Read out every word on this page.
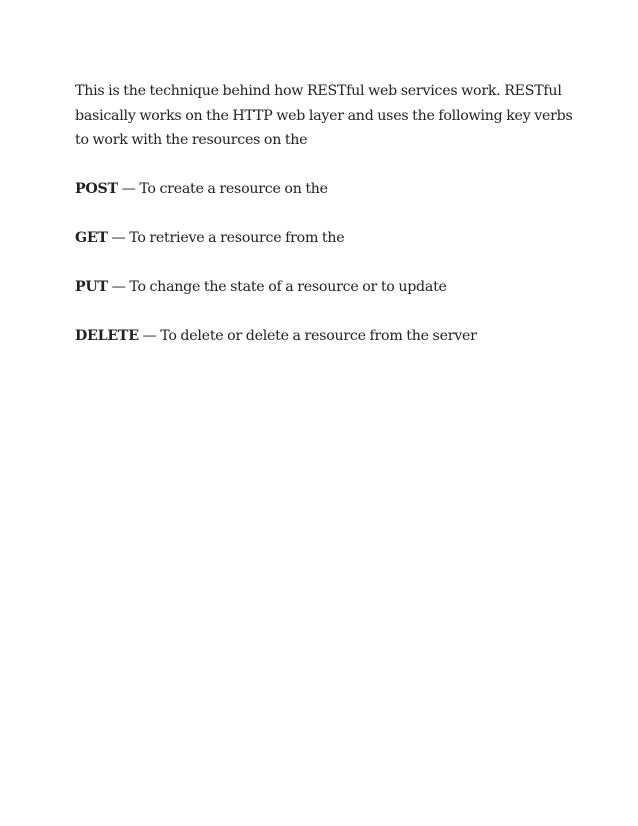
This is the technique behind how RESTful web services work. RESTful basically works on the HTTP web layer and uses the following key verbs to work with the resources on the

POST — To create a resource on the
GET — To retrieve a resource from the
PUT — To change the state of a resource or to update
DELETE — To delete or delete a resource from the server
